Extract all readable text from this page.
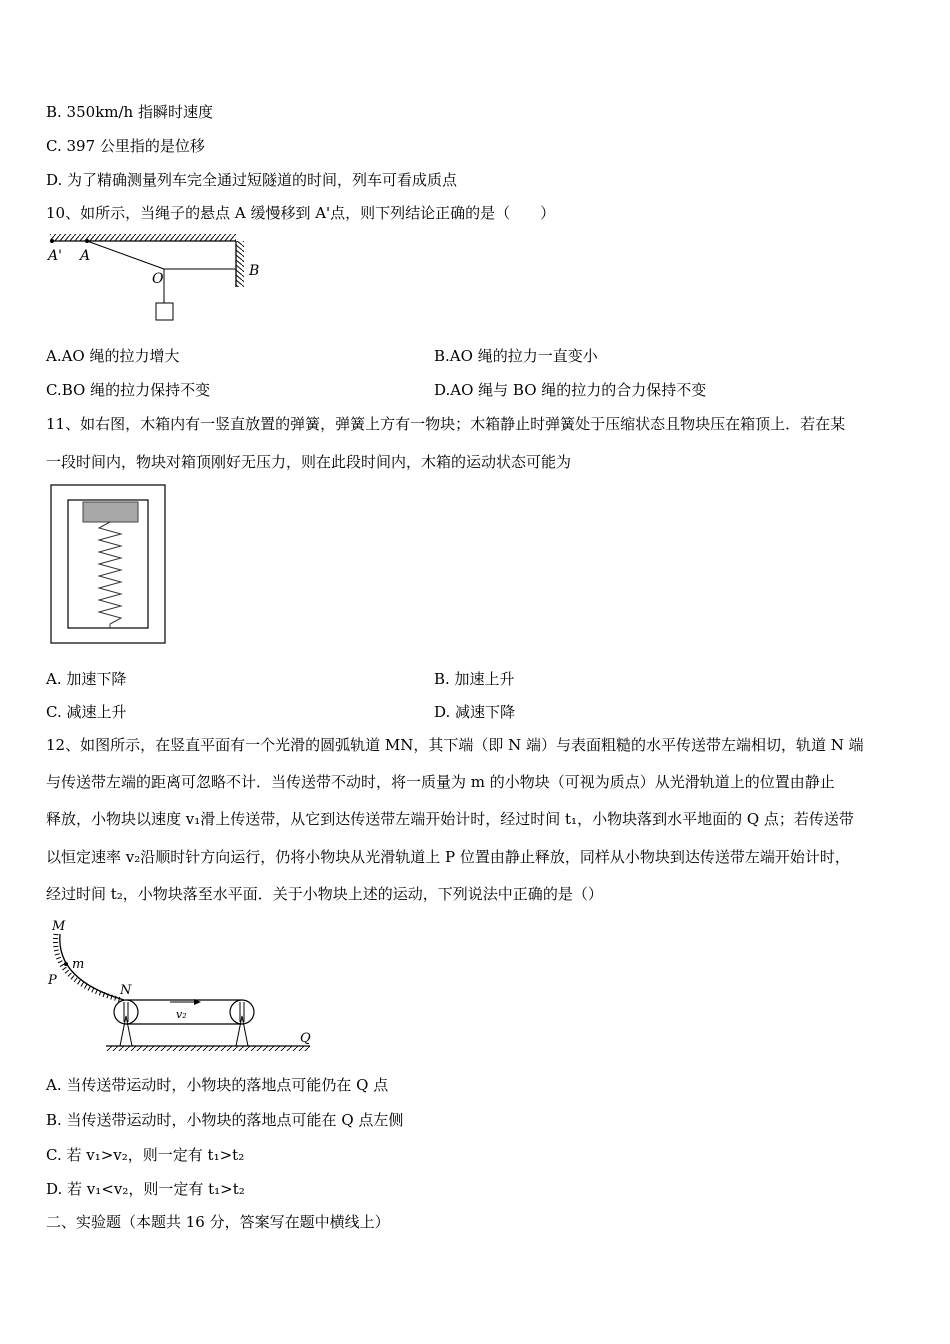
B. 350km/h 指瞬时速度
C. 397 公里指的是位移
D. 为了精确测量列车完全通过短隧道的时间，列车可看成质点
10、如所示，当绳子的悬点 A 缓慢移到 A'点，则下列结论正确的是（　　）
A' A
O	B
A.AO 绳的拉力增大	B.AO 绳的拉力一直变小
C.BO 绳的拉力保持不变	D.AO 绳与 BO 绳的拉力的合力保持不变
11、如右图，木箱内有一竖直放置的弹簧，弹簧上方有一物块；木箱静止时弹簧处于压缩状态且物块压在箱顶上．若在某
一段时间内，物块对箱顶刚好无压力，则在此段时间内，木箱的运动状态可能为
A. 加速下降	B. 加速上升
C. 减速上升	D. 减速下降
12、如图所示，在竖直平面有一个光滑的圆弧轨道 MN，其下端（即 N 端）与表面粗糙的水平传送带左端相切，轨道 N 端
与传送带左端的距离可忽略不计．当传送带不动时，将一质量为 m 的小物块（可视为质点）从光滑轨道上的位置由静止
释放，小物块以速度 v₁滑上传送带，从它到达传送带左端开始计时，经过时间 t₁，小物块落到水平地面的 Q 点；若传送带
以恒定速率 v₂沿顺时针方向运行，仍将小物块从光滑轨道上 P 位置由静止释放，同样从小物块到达传送带左端开始计时，
经过时间 t₂，小物块落至水平面．关于小物块上述的运动，下列说法中正确的是（）
M
m
P
N
v₂
Q
A. 当传送带运动时，小物块的落地点可能仍在 Q 点
B. 当传送带运动时，小物块的落地点可能在 Q 点左侧
C. 若 v₁>v₂，则一定有 t₁>t₂
D. 若 v₁<v₂，则一定有 t₁>t₂
二、实验题（本题共 16 分，答案写在题中横线上）
